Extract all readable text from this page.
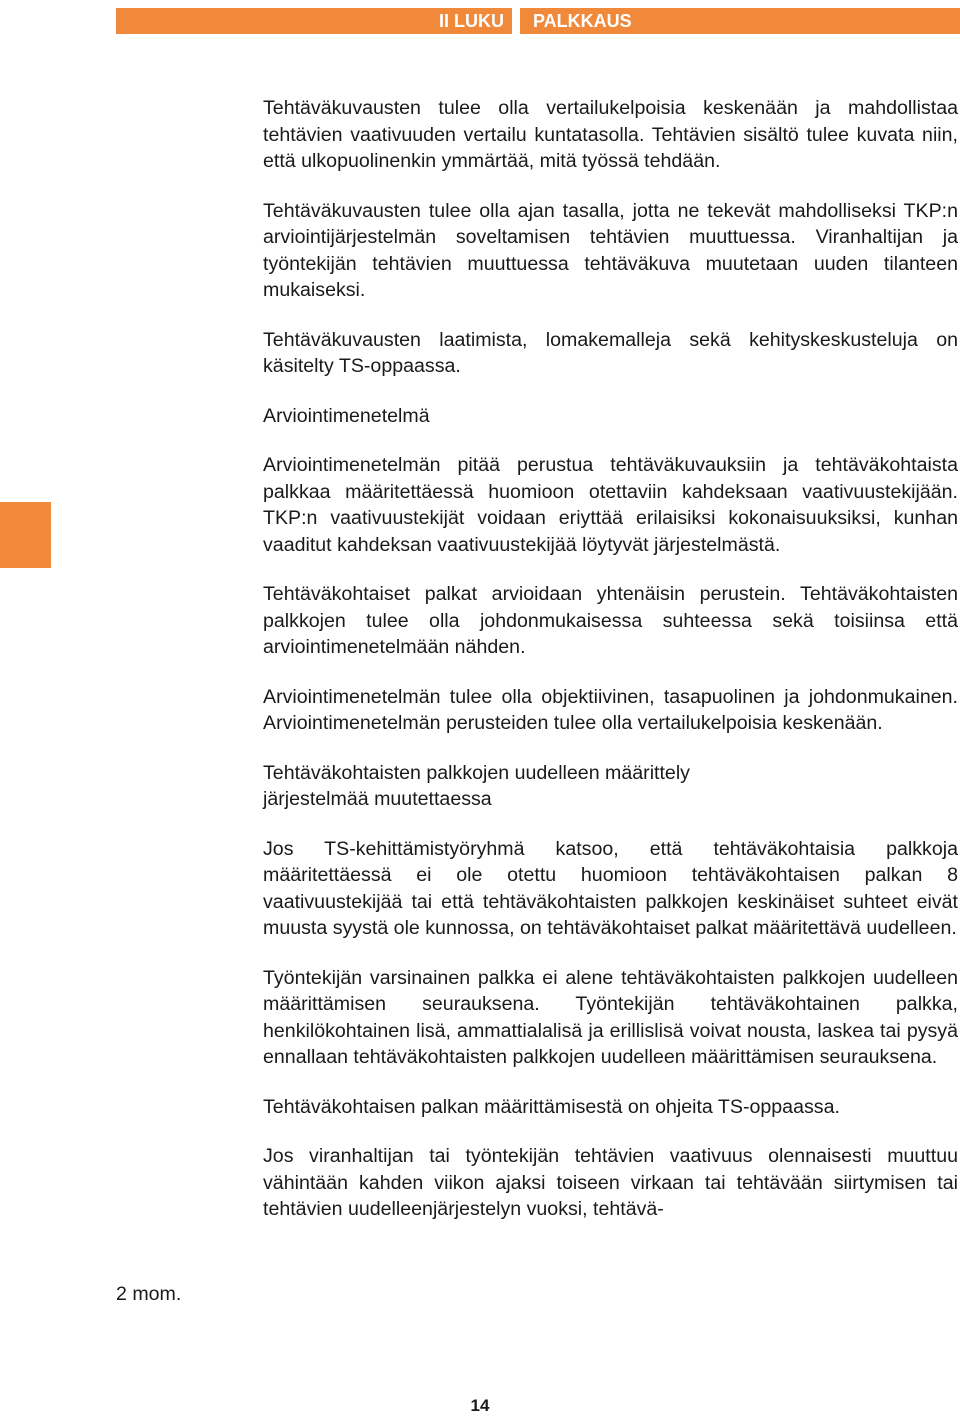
II LUKU	PALKKAUS

Tehtäväkuvausten tulee olla vertailukelpoisia keskenään ja mahdollistaa tehtävien vaativuuden vertailu kuntatasolla. Tehtävien sisältö tulee kuvata niin, että ulkopuolinenkin ymmärtää, mitä työssä tehdään.

Tehtäväkuvausten tulee olla ajan tasalla, jotta ne tekevät mahdolliseksi TKP:n arviointijärjestelmän soveltamisen tehtävien muuttuessa. Viranhaltijan ja työntekijän tehtävien muuttuessa tehtäväkuva muutetaan uuden tilanteen mukaiseksi.

Tehtäväkuvausten laatimista, lomakemalleja sekä kehityskeskusteluja on käsitelty TS-oppaassa.

Arviointimenetelmä

Arviointimenetelmän pitää perustua tehtäväkuvauksiin ja tehtäväkohtaista palkkaa määritettäessä huomioon otettaviin kahdeksaan vaativuustekijään. TKP:n vaativuustekijät voidaan eriyttää erilaisiksi kokonaisuuksiksi, kunhan vaaditut kahdeksan vaativuustekijää löytyvät järjestelmästä.

Tehtäväkohtaiset palkat arvioidaan yhtenäisin perustein. Tehtäväkohtaisten palkkojen tulee olla johdonmukaisessa suhteessa sekä toisiinsa että arviointimenetelmään nähden.

Arviointimenetelmän tulee olla objektiivinen, tasapuolinen ja johdonmukainen. Arviointimenetelmän perusteiden tulee olla vertailukelpoisia keskenään.

Tehtäväkohtaisten palkkojen uudelleen määrittely järjestelmää muutettaessa

Jos TS-kehittämistyöryhmä katsoo, että tehtäväkohtaisia palkkoja määritettäessä ei ole otettu huomioon tehtäväkohtaisen palkan 8 vaativuustekijää tai että tehtäväkohtaisten palkkojen keskinäiset suhteet eivät muusta syystä ole kunnossa, on tehtäväkohtaiset palkat määritettävä uudelleen.

Työntekijän varsinainen palkka ei alene tehtäväkohtaisten palkkojen uudelleen määrittämisen seurauksena. Työntekijän tehtäväkohtainen palkka, henkilökohtainen lisä, ammattialalisä ja erillislisä voivat nousta, laskea tai pysyä ennallaan tehtäväkohtaisten palkkojen uudelleen määrittämisen seurauksena.

Tehtäväkohtaisen palkan määrittämisestä on ohjeita TS-oppaassa.

Jos viranhaltijan tai työntekijän tehtävien vaativuus olennaisesti muuttuu vähintään kahden viikon ajaksi toiseen virkaan tai tehtävään siirtymisen tai tehtävien uudelleenjärjestelyn vuoksi, tehtävä-

2 mom.
14
